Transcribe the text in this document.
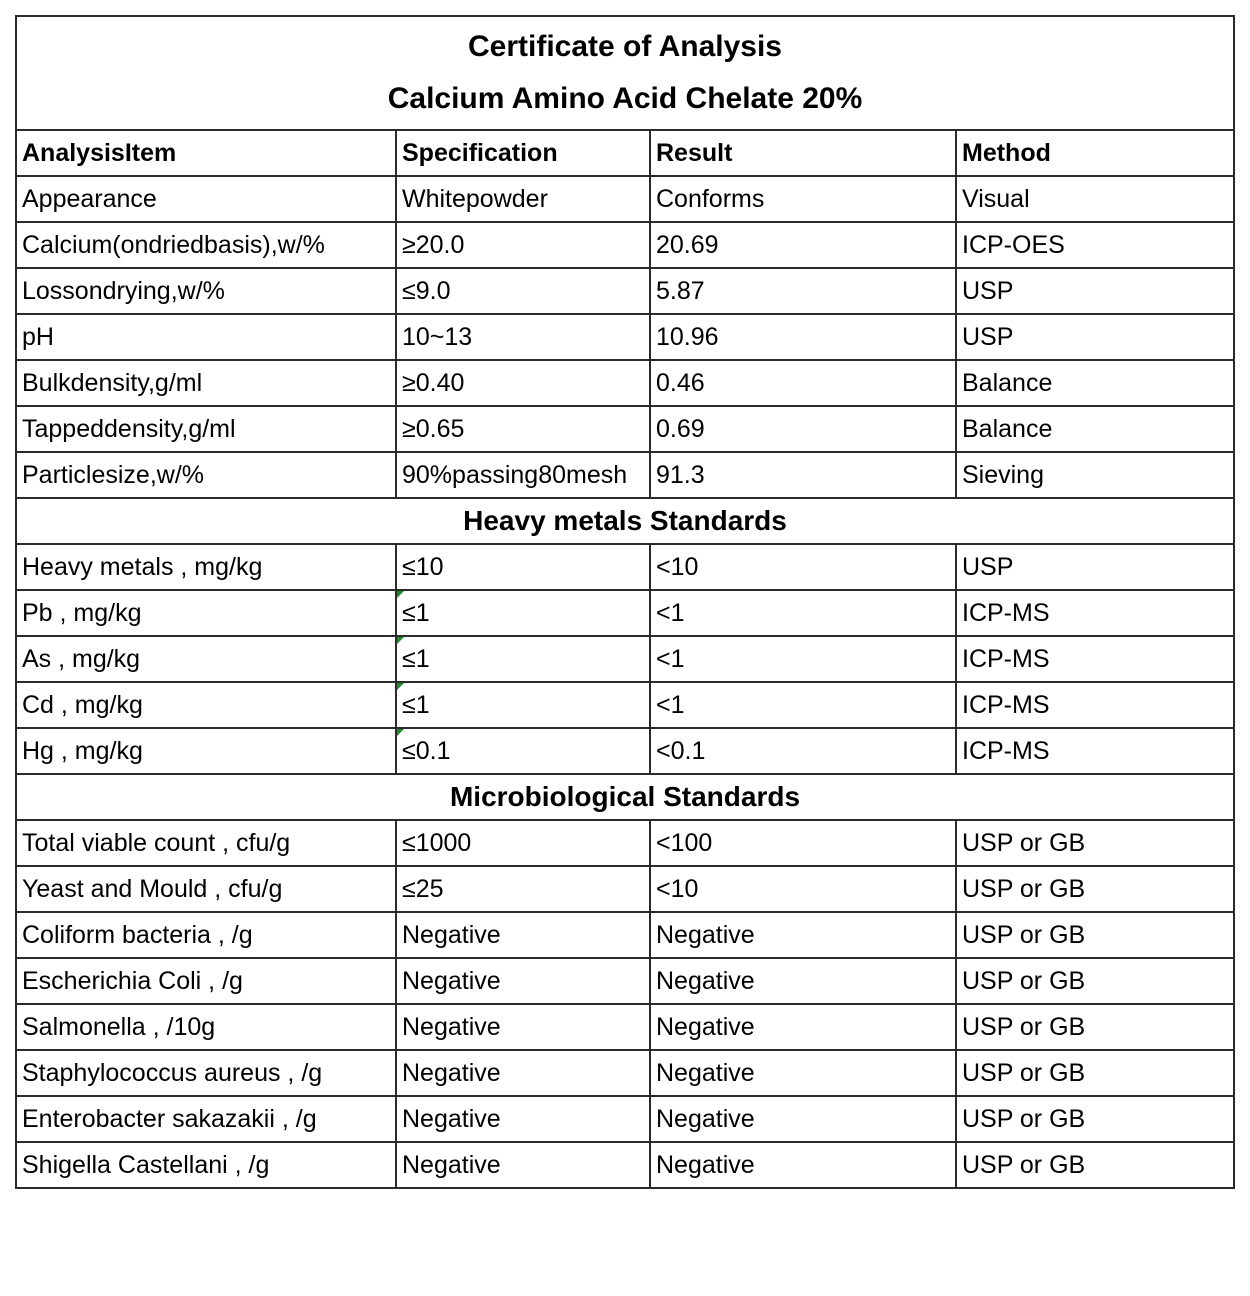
Certificate of Analysis
Calcium Amino Acid Chelate 20%			

AnalysisItem	Specification	Result	Method
Appearance	Whitepowder	Conforms	Visual
Calcium(ondriedbasis),w/%	≥20.0	20.69	ICP-OES
Lossondrying,w/%	≤9.0	5.87	USP
pH	10~13	10.96	USP
Bulkdensity,g/ml	≥0.40	0.46	Balance
Tappeddensity,g/ml	≥0.65	0.69	Balance
Particlesize,w/%	90%passing80mesh	91.3	Sieving
Heavy metals Standards			
Heavy metals , mg/kg	≤10	<10	USP
Pb , mg/kg	≤1	<1	ICP-MS
As , mg/kg	≤1	<1	ICP-MS
Cd , mg/kg	≤1	<1	ICP-MS
Hg , mg/kg	≤0.1	<0.1	ICP-MS
Microbiological Standards			
Total viable count , cfu/g	≤1000	<100	USP or GB
Yeast and Mould , cfu/g	≤25	<10	USP or GB
Coliform bacteria , /g	Negative	Negative	USP or GB
Escherichia Coli , /g	Negative	Negative	USP or GB
Salmonella , /10g	Negative	Negative	USP or GB
Staphylococcus aureus , /g	Negative	Negative	USP or GB
Enterobacter sakazakii , /g	Negative	Negative	USP or GB
Shigella Castellani , /g	Negative	Negative	USP or GB
